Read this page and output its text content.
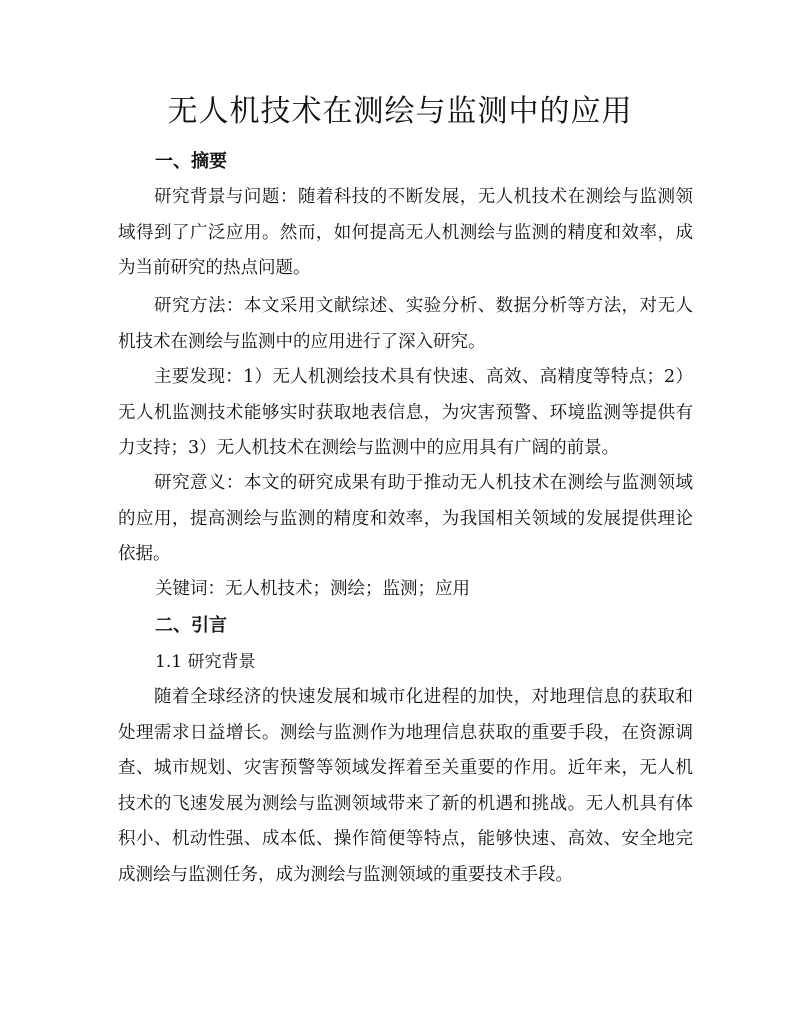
无人机技术在测绘与监测中的应用
一、摘要

研究背景与问题：随着科技的不断发展，无人机技术在测绘与监测领域得到了广泛应用。然而，如何提高无人机测绘与监测的精度和效率，成为当前研究的热点问题。

研究方法：本文采用文献综述、实验分析、数据分析等方法，对无人机技术在测绘与监测中的应用进行了深入研究。

主要发现：1）无人机测绘技术具有快速、高效、高精度等特点；2）无人机监测技术能够实时获取地表信息，为灾害预警、环境监测等提供有力支持；3）无人机技术在测绘与监测中的应用具有广阔的前景。

研究意义：本文的研究成果有助于推动无人机技术在测绘与监测领域的应用，提高测绘与监测的精度和效率，为我国相关领域的发展提供理论依据。

关键词：无人机技术；测绘；监测；应用

二、引言

1.1 研究背景

随着全球经济的快速发展和城市化进程的加快，对地理信息的获取和处理需求日益增长。测绘与监测作为地理信息获取的重要手段，在资源调查、城市规划、灾害预警等领域发挥着至关重要的作用。近年来，无人机技术的飞速发展为测绘与监测领域带来了新的机遇和挑战。无人机具有体积小、机动性强、成本低、操作简便等特点，能够快速、高效、安全地完成测绘与监测任务，成为测绘与监测领域的重要技术手段。
